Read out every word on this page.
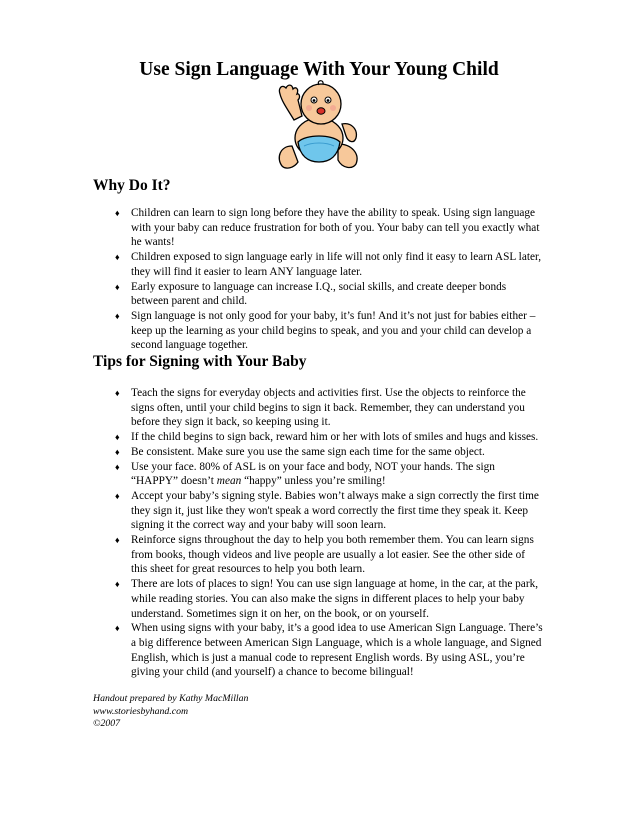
Use Sign Language With Your Young Child
Why Do It?
♦ Children can learn to sign long before they have the ability to speak. Using sign language with your baby can reduce frustration for both of you. Your baby can tell you exactly what he wants!
♦ Children exposed to sign language early in life will not only find it easy to learn ASL later, they will find it easier to learn ANY language later.
♦ Early exposure to language can increase I.Q., social skills, and create deeper bonds between parent and child.
♦ Sign language is not only good for your baby, it’s fun! And it’s not just for babies either – keep up the learning as your child begins to speak, and you and your child can develop a second language together.
Tips for Signing with Your Baby
♦ Teach the signs for everyday objects and activities first. Use the objects to reinforce the signs often, until your child begins to sign it back. Remember, they can understand you before they sign it back, so keeping using it.
♦ If the child begins to sign back, reward him or her with lots of smiles and hugs and kisses.
♦ Be consistent. Make sure you use the same sign each time for the same object.
♦ Use your face. 80% of ASL is on your face and body, NOT your hands. The sign “HAPPY” doesn’t mean “happy” unless you’re smiling!
♦ Accept your baby’s signing style. Babies won’t always make a sign correctly the first time they sign it, just like they won't speak a word correctly the first time they speak it. Keep signing it the correct way and your baby will soon learn.
♦ Reinforce signs throughout the day to help you both remember them. You can learn signs from books, though videos and live people are usually a lot easier. See the other side of this sheet for great resources to help you both learn.
♦ There are lots of places to sign! You can use sign language at home, in the car, at the park, while reading stories. You can also make the signs in different places to help your baby understand. Sometimes sign it on her, on the book, or on yourself.
♦ When using signs with your baby, it’s a good idea to use American Sign Language. There’s a big difference between American Sign Language, which is a whole language, and Signed English, which is just a manual code to represent English words. By using ASL, you’re giving your child (and yourself) a chance to become bilingual!
Handout prepared by Kathy MacMillan
www.storiesbyhand.com
©2007
